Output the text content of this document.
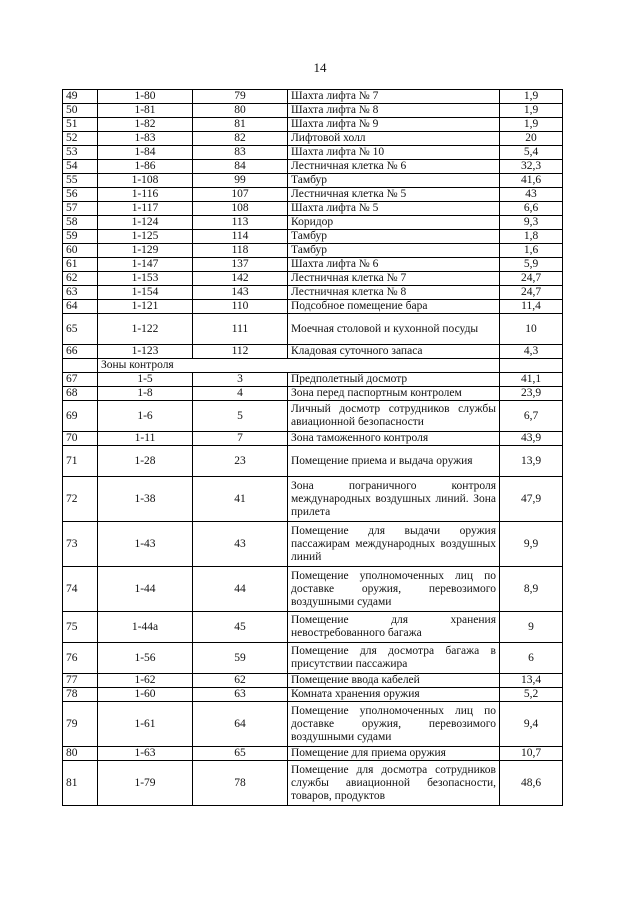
14
49	1-80	79	Шахта лифта № 7	1,9
50	1-81	80	Шахта лифта № 8	1,9
51	1-82	81	Шахта лифта № 9	1,9
52	1-83	82	Лифтовой холл	20
53	1-84	83	Шахта лифта № 10	5,4
54	1-86	84	Лестничная клетка № 6	32,3
55	1-108	99	Тамбур	41,6
56	1-116	107	Лестничная клетка № 5	43
57	1-117	108	Шахта лифта № 5	6,6
58	1-124	113	Коридор	9,3
59	1-125	114	Тамбур	1,8
60	1-129	118	Тамбур	1,6
61	1-147	137	Шахта лифта № 6	5,9
62	1-153	142	Лестничная клетка № 7	24,7
63	1-154	143	Лестничная клетка № 8	24,7
64	1-121	110	Подсобное помещение бара	11,4
65	1-122	111	Моечная столовой и кухонной посуды	10
66	1-123	112	Кладовая суточного запаса	4,3
	Зоны контроля			
67	1-5	3	Предполетный досмотр	41,1
68	1-8	4	Зона перед паспортным контролем	23,9
69	1-6	5	Личный досмотр сотрудников службы авиационной безопасности	6,7
70	1-11	7	Зона таможенного контроля	43,9
71	1-28	23	Помещение приема и выдача оружия	13,9
72	1-38	41	Зона пограничного контроля международных воздушных линий. Зона прилета	47,9
73	1-43	43	Помещение для выдачи оружия пассажирам международных воздушных линий	9,9
74	1-44	44	Помещение уполномоченных лиц по доставке оружия, перевозимого воздушными судами	8,9
75	1-44а	45	Помещение для хранения невостребованного багажа	9
76	1-56	59	Помещение для досмотра багажа в присутствии пассажира	6
77	1-62	62	Помещение ввода кабелей	13,4
78	1-60	63	Комната хранения оружия	5,2
79	1-61	64	Помещение уполномоченных лиц по доставке оружия, перевозимого воздушными судами	9,4
80	1-63	65	Помещение для приема оружия	10,7
81	1-79	78	Помещение для досмотра сотрудников службы авиационной безопасности, товаров, продуктов	48,6
